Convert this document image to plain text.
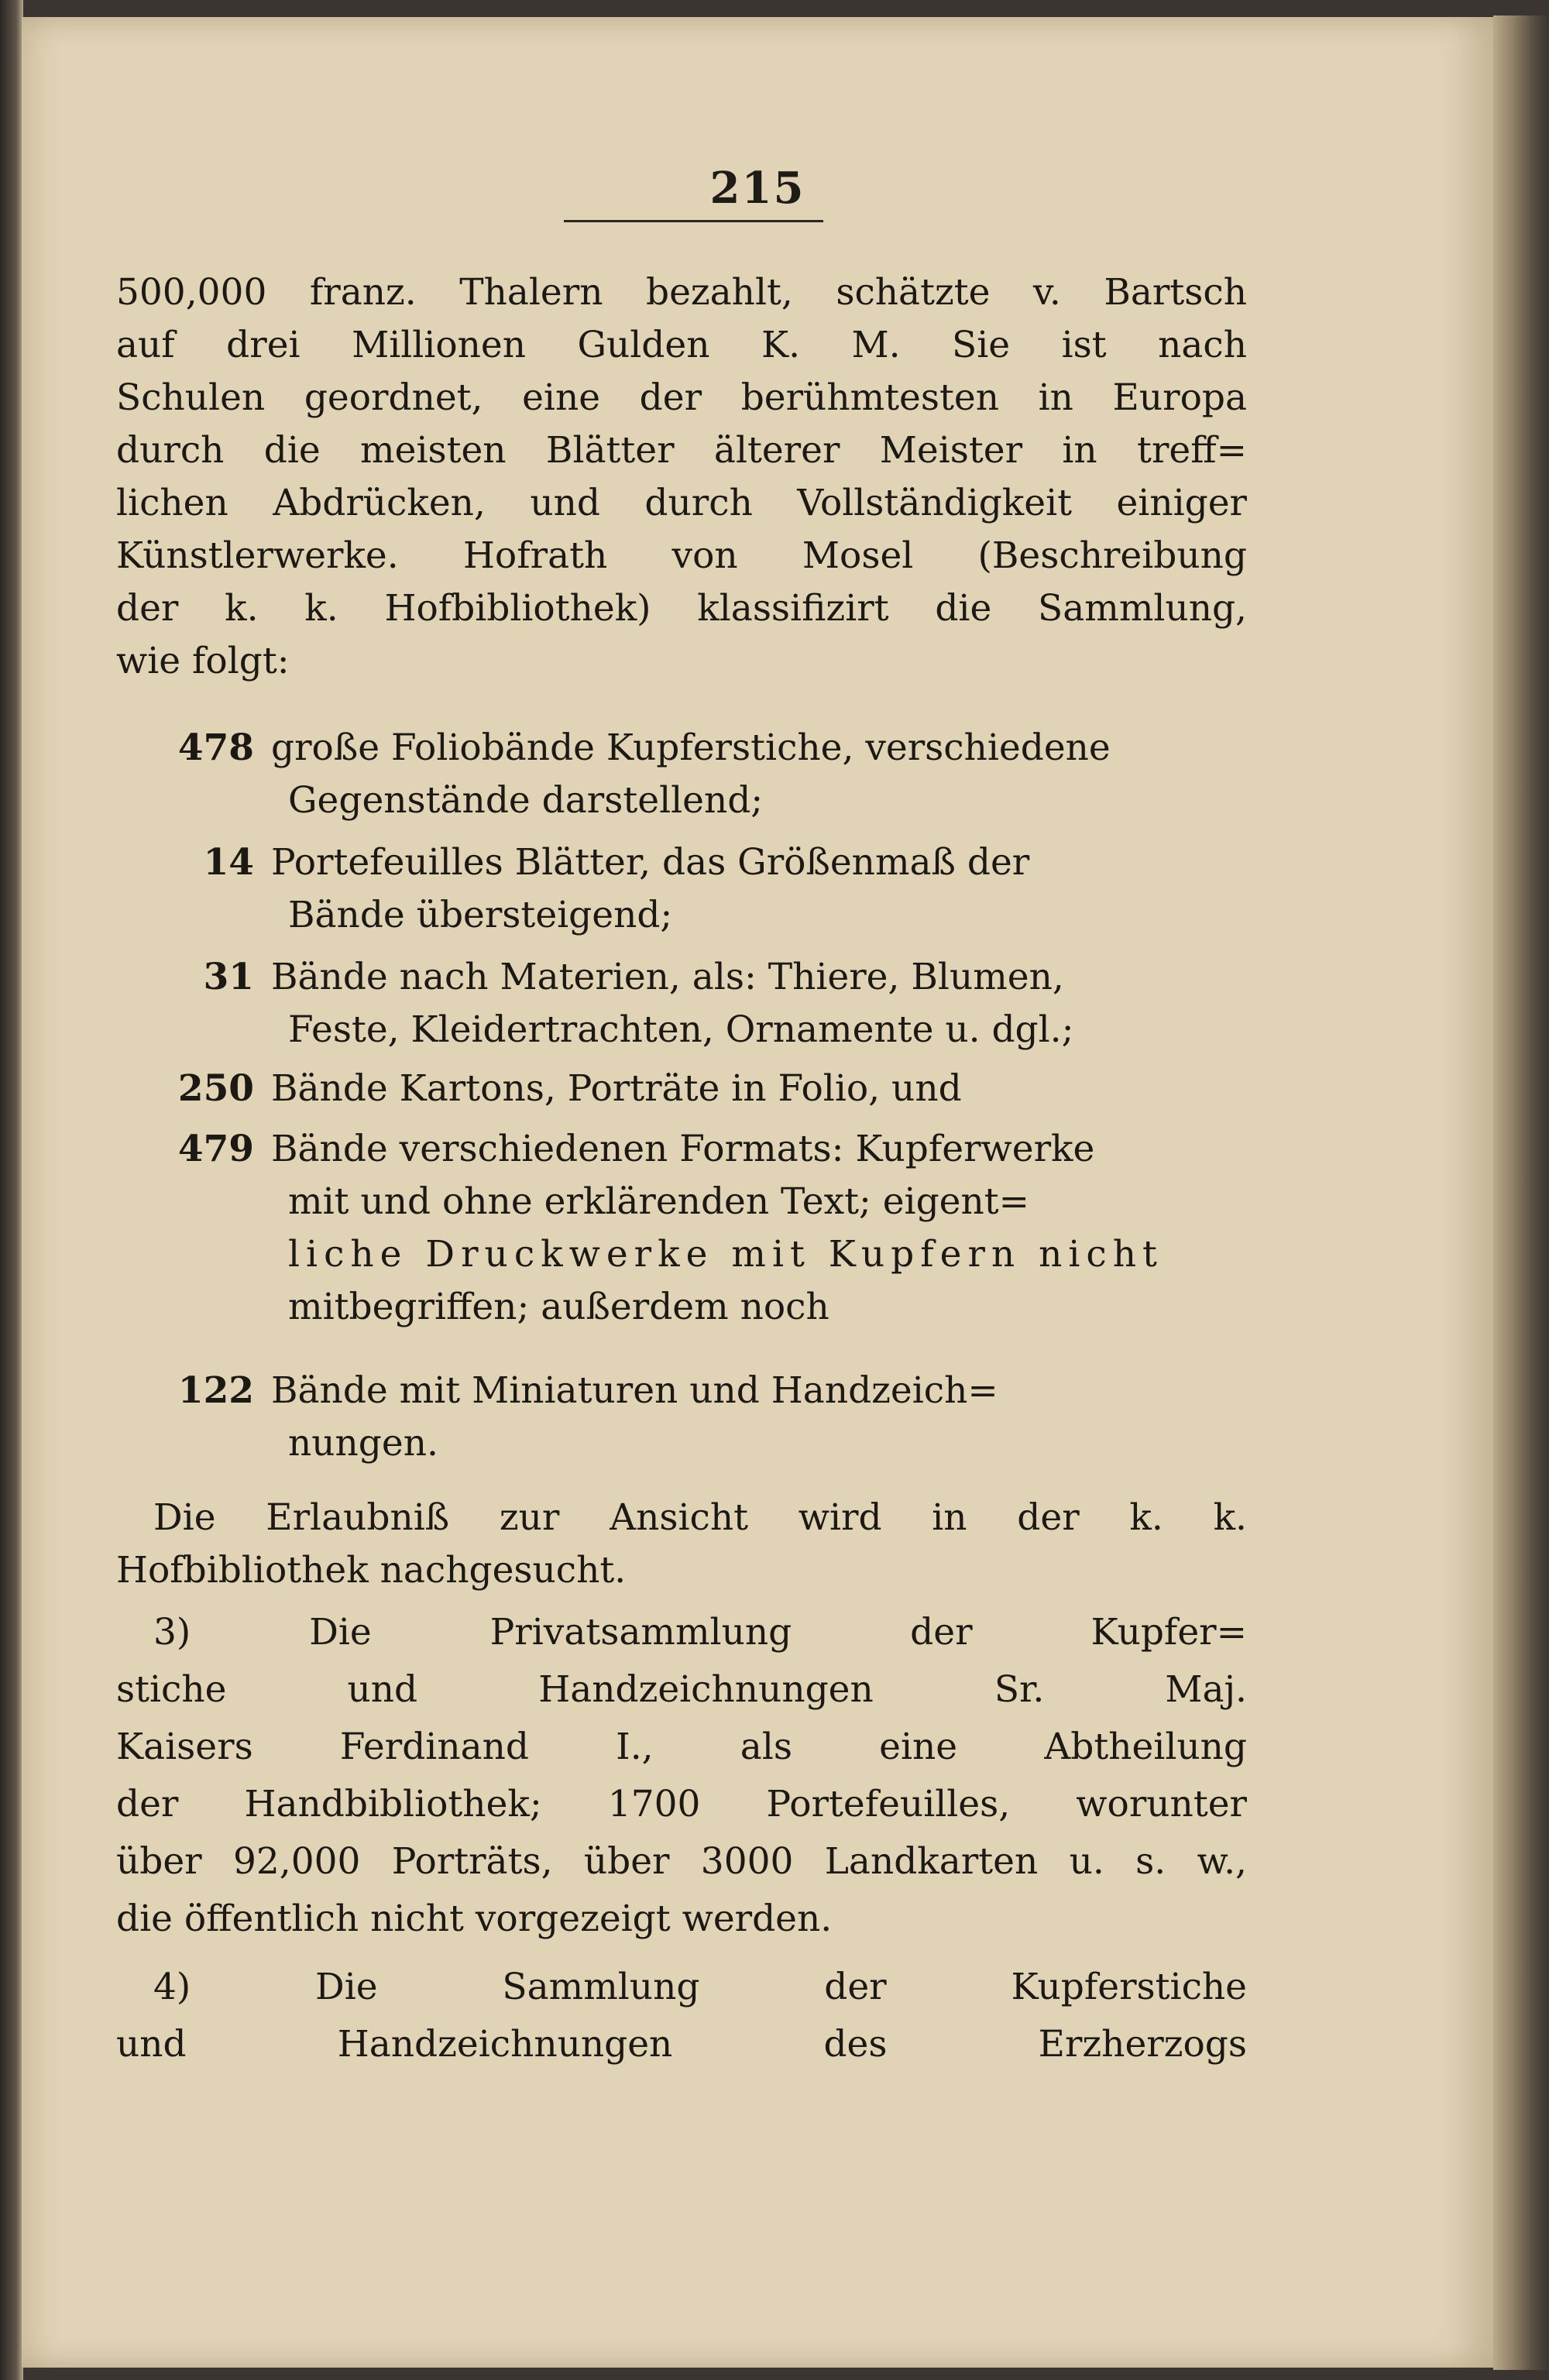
215
500,000 franz. Thalern bezahlt, schätzte v. Bartsch
auf drei Millionen Gulden K. M. Sie ist nach
Schulen geordnet, eine der berühmtesten in Europa
durch die meisten Blätter älterer Meister in treff=
lichen Abdrücken, und durch Vollständigkeit einiger
Künstlerwerke. Hofrath von Mosel (Beschreibung
der k. k. Hofbibliothek) klassifizirt die Sammlung,
wie folgt:
478 große Foliobände Kupferstiche, verschiedene
Gegenstände darstellend;
14 Portefeuilles Blätter, das Größenmaß der
Bände übersteigend;
31 Bände nach Materien, als: Thiere, Blumen,
Feste, Kleidertrachten, Ornamente u. dgl.;
250 Bände Kartons, Porträte in Folio, und
479 Bände verschiedenen Formats: Kupferwerke
mit und ohne erklärenden Text; eigent=
liche Druckwerke mit Kupfern nicht
mitbegriffen; außerdem noch
122 Bände mit Miniaturen und Handzeich=
nungen.
Die Erlaubniß zur Ansicht wird in der k. k.
Hofbibliothek nachgesucht.
3) Die Privatsammlung der Kupfer=
stiche und Handzeichnungen Sr. Maj.
Kaisers Ferdinand I., als eine Abtheilung
der Handbibliothek; 1700 Portefeuilles, worunter
über 92,000 Porträts, über 3000 Landkarten u. s. w.,
die öffentlich nicht vorgezeigt werden.
4) Die Sammlung der Kupferstiche
und Handzeichnungen des Erzherzogs
